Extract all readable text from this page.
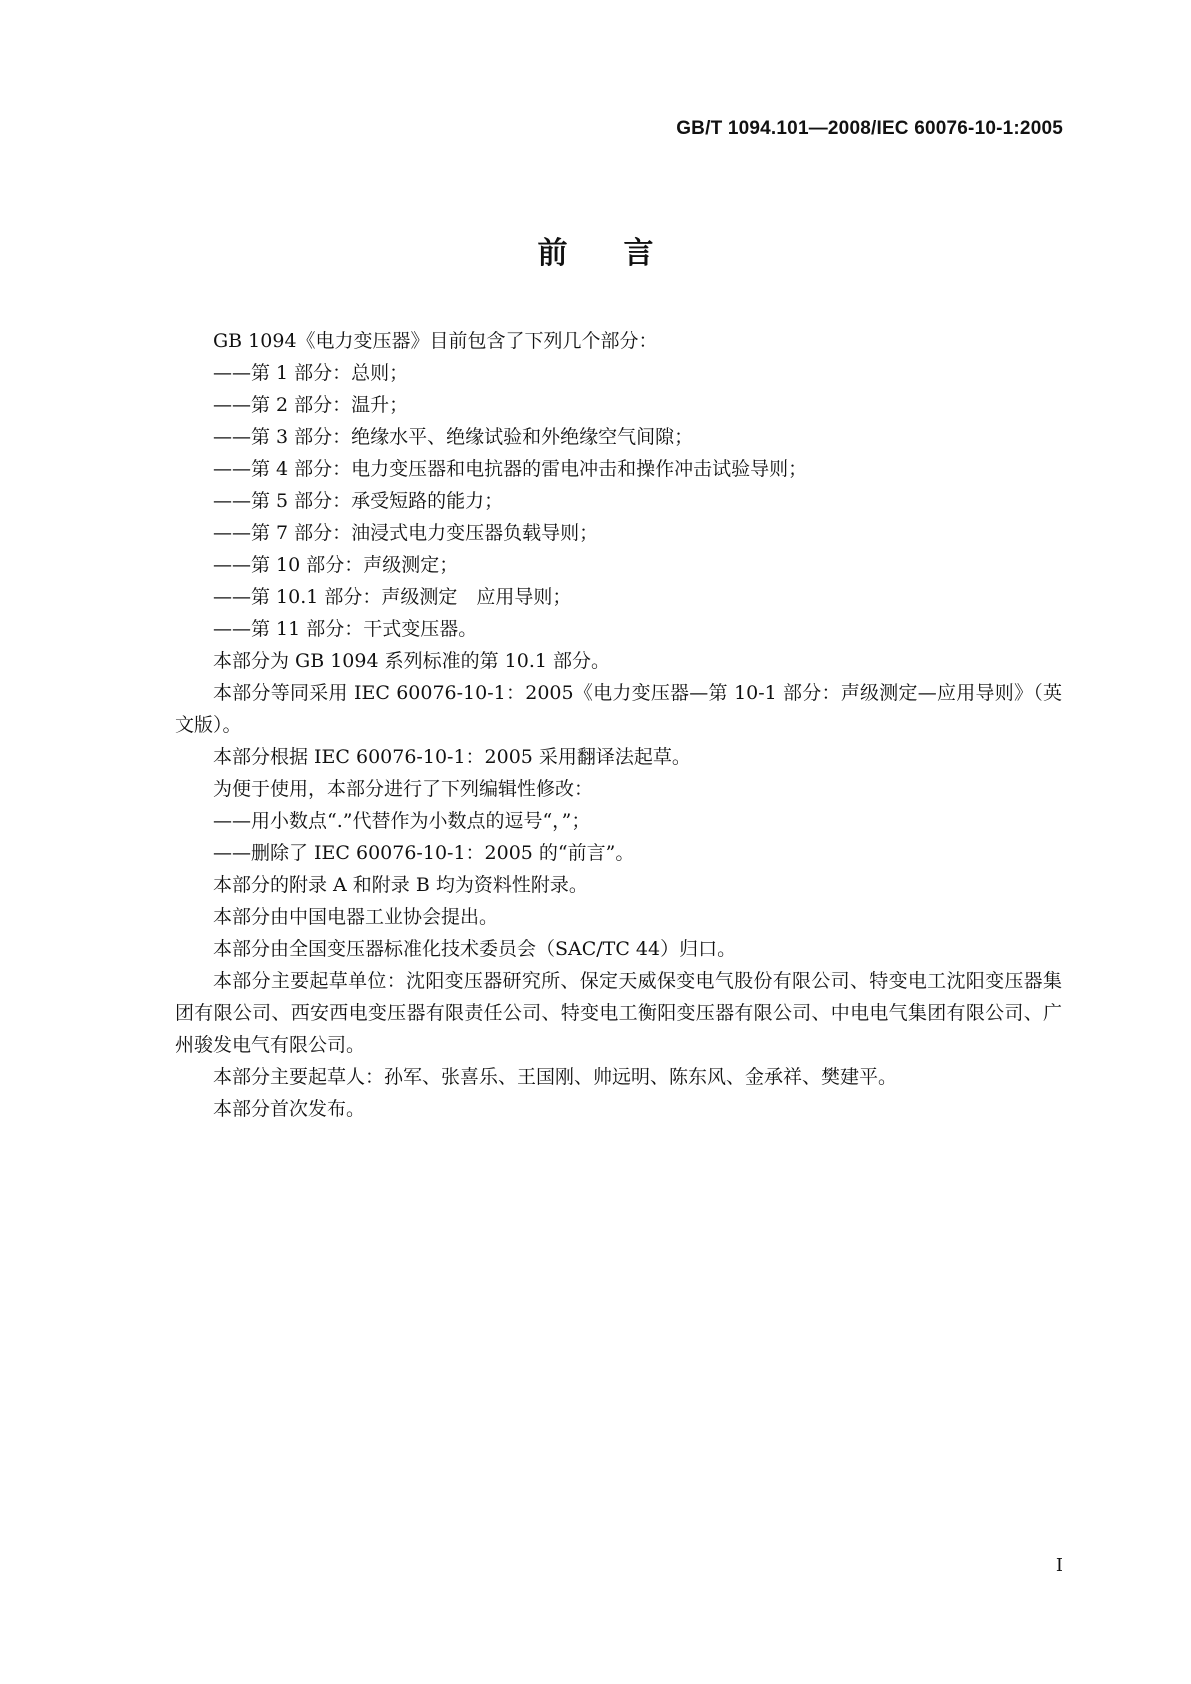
GB/T 1094.101—2008/IEC 60076-10-1:2005
前言

GB 1094《电力变压器》目前包含了下列几个部分：

——第 1 部分：总则；

——第 2 部分：温升；

——第 3 部分：绝缘水平、绝缘试验和外绝缘空气间隙；

——第 4 部分：电力变压器和电抗器的雷电冲击和操作冲击试验导则；

——第 5 部分：承受短路的能力；

——第 7 部分：油浸式电力变压器负载导则；

——第 10 部分：声级测定；

——第 10.1 部分：声级测定　应用导则；

——第 11 部分：干式变压器。

本部分为 GB 1094 系列标准的第 10.1 部分。

本部分等同采用 IEC 60076-10-1：2005《电力变压器—第 10-1 部分：声级测定—应用导则》（英文版）。

本部分根据 IEC 60076-10-1：2005 采用翻译法起草。

为便于使用，本部分进行了下列编辑性修改：

——用小数点“.”代替作为小数点的逗号“，”；

——删除了 IEC 60076-10-1：2005 的“前言”。

本部分的附录 A 和附录 B 均为资料性附录。

本部分由中国电器工业协会提出。

本部分由全国变压器标准化技术委员会（SAC/TC 44）归口。

本部分主要起草单位：沈阳变压器研究所、保定天威保变电气股份有限公司、特变电工沈阳变压器集团有限公司、西安西电变压器有限责任公司、特变电工衡阳变压器有限公司、中电电气集团有限公司、广州骏发电气有限公司。

本部分主要起草人：孙军、张喜乐、王国刚、帅远明、陈东风、金承祥、樊建平。

本部分首次发布。

I
